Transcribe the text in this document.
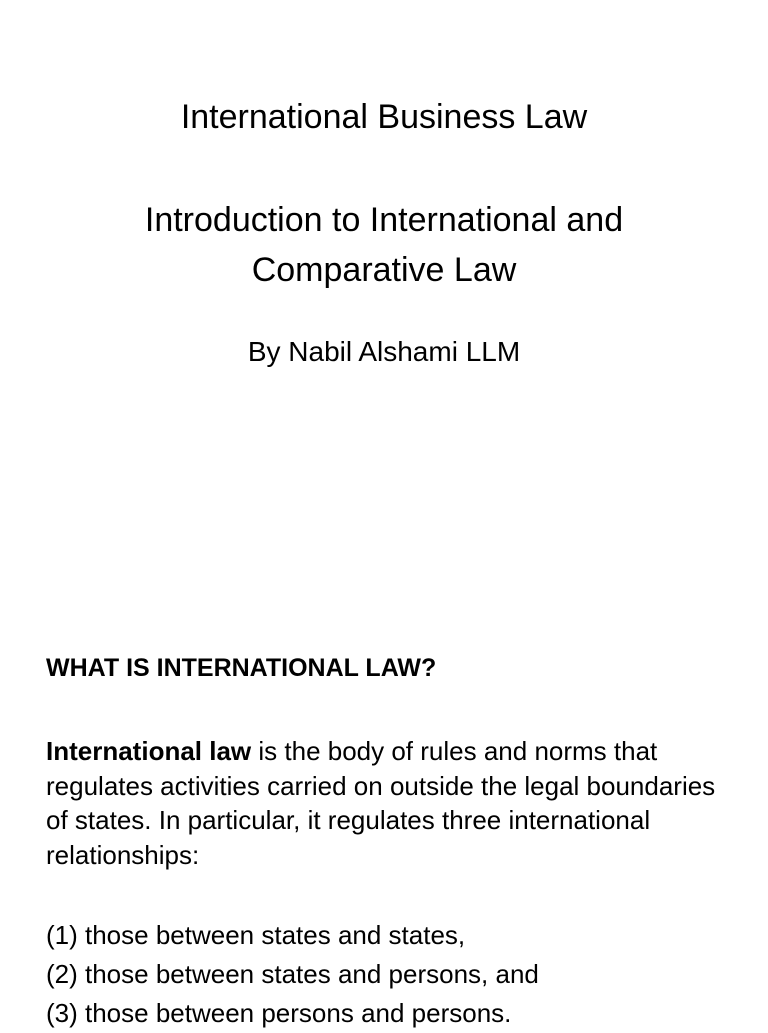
International Business Law
Introduction to International and
Comparative Law
By Nabil Alshami LLM
WHAT IS INTERNATIONAL LAW?
International law is the body of rules and norms that regulates activities carried on outside the legal boundaries of states. In particular, it regulates three international relationships:
(1) those between states and states,
(2) those between states and persons, and
(3) those between persons and persons.
